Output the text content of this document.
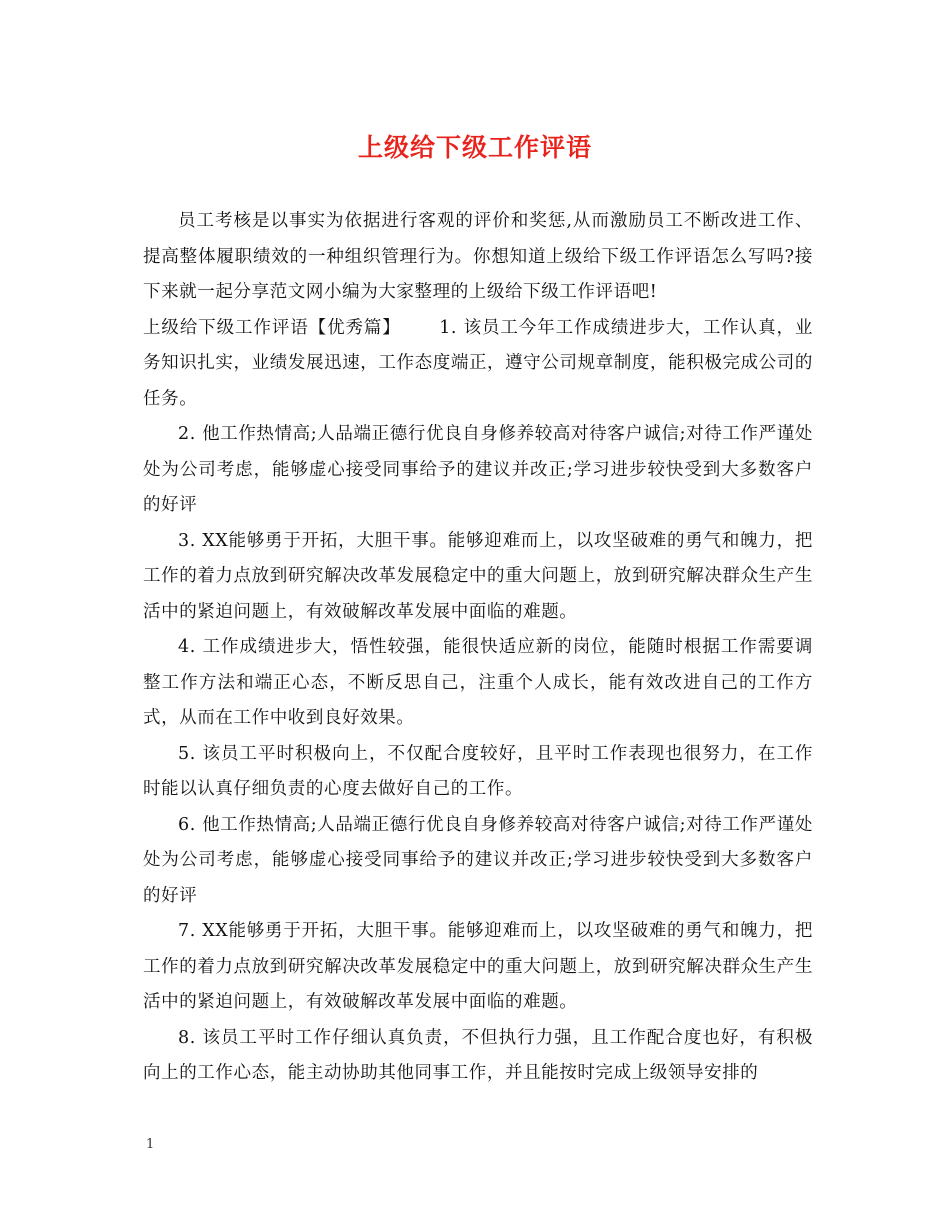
上级给下级工作评语

员工考核是以事实为依据进行客观的评价和奖惩,从而激励员工不断改进工作、提高整体履职绩效的一种组织管理行为。你想知道上级给下级工作评语怎么写吗?接下来就一起分享范文网小编为大家整理的上级给下级工作评语吧!

上级给下级工作评语【优秀篇】 1. 该员工今年工作成绩进步大，工作认真，业务知识扎实，业绩发展迅速，工作态度端正，遵守公司规章制度，能积极完成公司的任务。

2. 他工作热情高;人品端正德行优良自身修养较高对待客户诚信;对待工作严谨处处为公司考虑，能够虚心接受同事给予的建议并改正;学习进步较快受到大多数客户的好评

3. XX能够勇于开拓，大胆干事。能够迎难而上，以攻坚破难的勇气和魄力，把工作的着力点放到研究解决改革发展稳定中的重大问题上，放到研究解决群众生产生活中的紧迫问题上，有效破解改革发展中面临的难题。

4. 工作成绩进步大，悟性较强，能很快适应新的岗位，能随时根据工作需要调整工作方法和端正心态，不断反思自己，注重个人成长，能有效改进自己的工作方式，从而在工作中收到良好效果。

5. 该员工平时积极向上，不仅配合度较好，且平时工作表现也很努力，在工作时能以认真仔细负责的心度去做好自己的工作。

6. 他工作热情高;人品端正德行优良自身修养较高对待客户诚信;对待工作严谨处处为公司考虑，能够虚心接受同事给予的建议并改正;学习进步较快受到大多数客户的好评

7. XX能够勇于开拓，大胆干事。能够迎难而上，以攻坚破难的勇气和魄力，把工作的着力点放到研究解决改革发展稳定中的重大问题上，放到研究解决群众生产生活中的紧迫问题上，有效破解改革发展中面临的难题。

8. 该员工平时工作仔细认真负责，不但执行力强，且工作配合度也好，有积极向上的工作心态，能主动协助其他同事工作，并且能按时完成上级领导安排的

1
